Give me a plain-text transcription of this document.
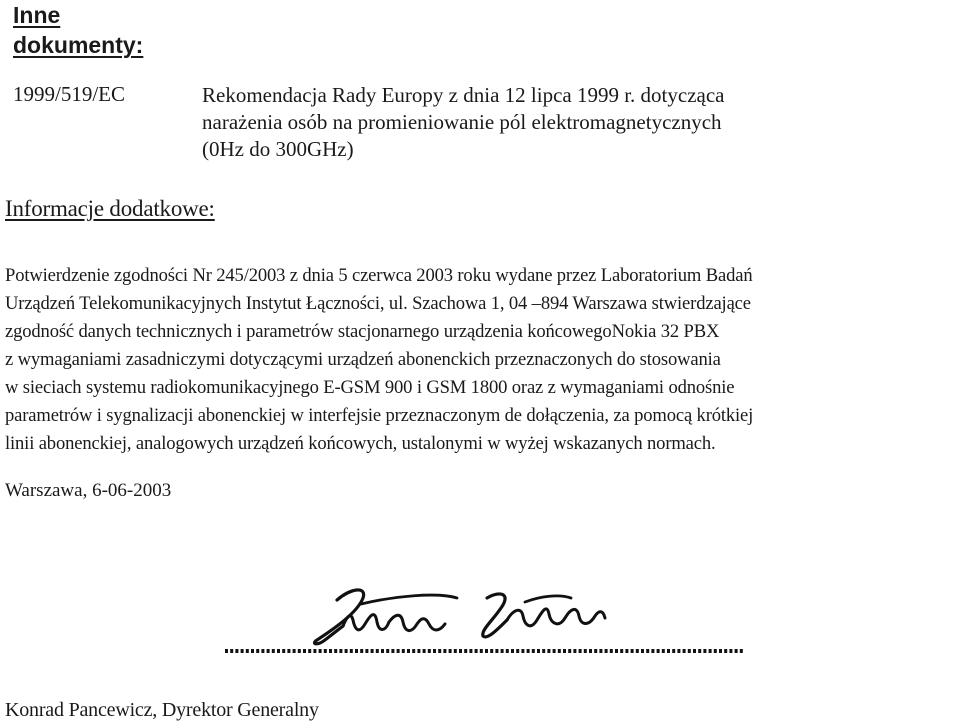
Inne
dokumenty:
1999/519/EC	Rekomendacja Rady Europy z dnia 12 lipca 1999 r. dotycząca
narażenia osób na promieniowanie pól elektromagnetycznych
(0Hz do 300GHz)
Informacje dodatkowe:
Potwierdzenie zgodności Nr 245/2003 z dnia 5 czerwca 2003 roku wydane przez Laboratorium Badań
Urządzeń Telekomunikacyjnych Instytut Łączności, ul. Szachowa 1, 04 –894 Warszawa stwierdzające
zgodność danych technicznych i parametrów stacjonarnego urządzenia końcowegoNokia 32 PBX
z wymaganiami zasadniczymi dotyczącymi urządzeń abonenckich przeznaczonych do stosowania
w sieciach systemu radiokomunikacyjnego E-GSM 900 i GSM 1800 oraz z wymaganiami odnośnie
parametrów i sygnalizacji abonenckiej w interfejsie przeznaczonym de dołączenia, za pomocą krótkiej
linii abonenckiej, analogowych urządzeń końcowych, ustalonymi w wyżej wskazanych normach.
Warszawa, 6-06-2003
Konrad Pancewicz, Dyrektor Generalny
